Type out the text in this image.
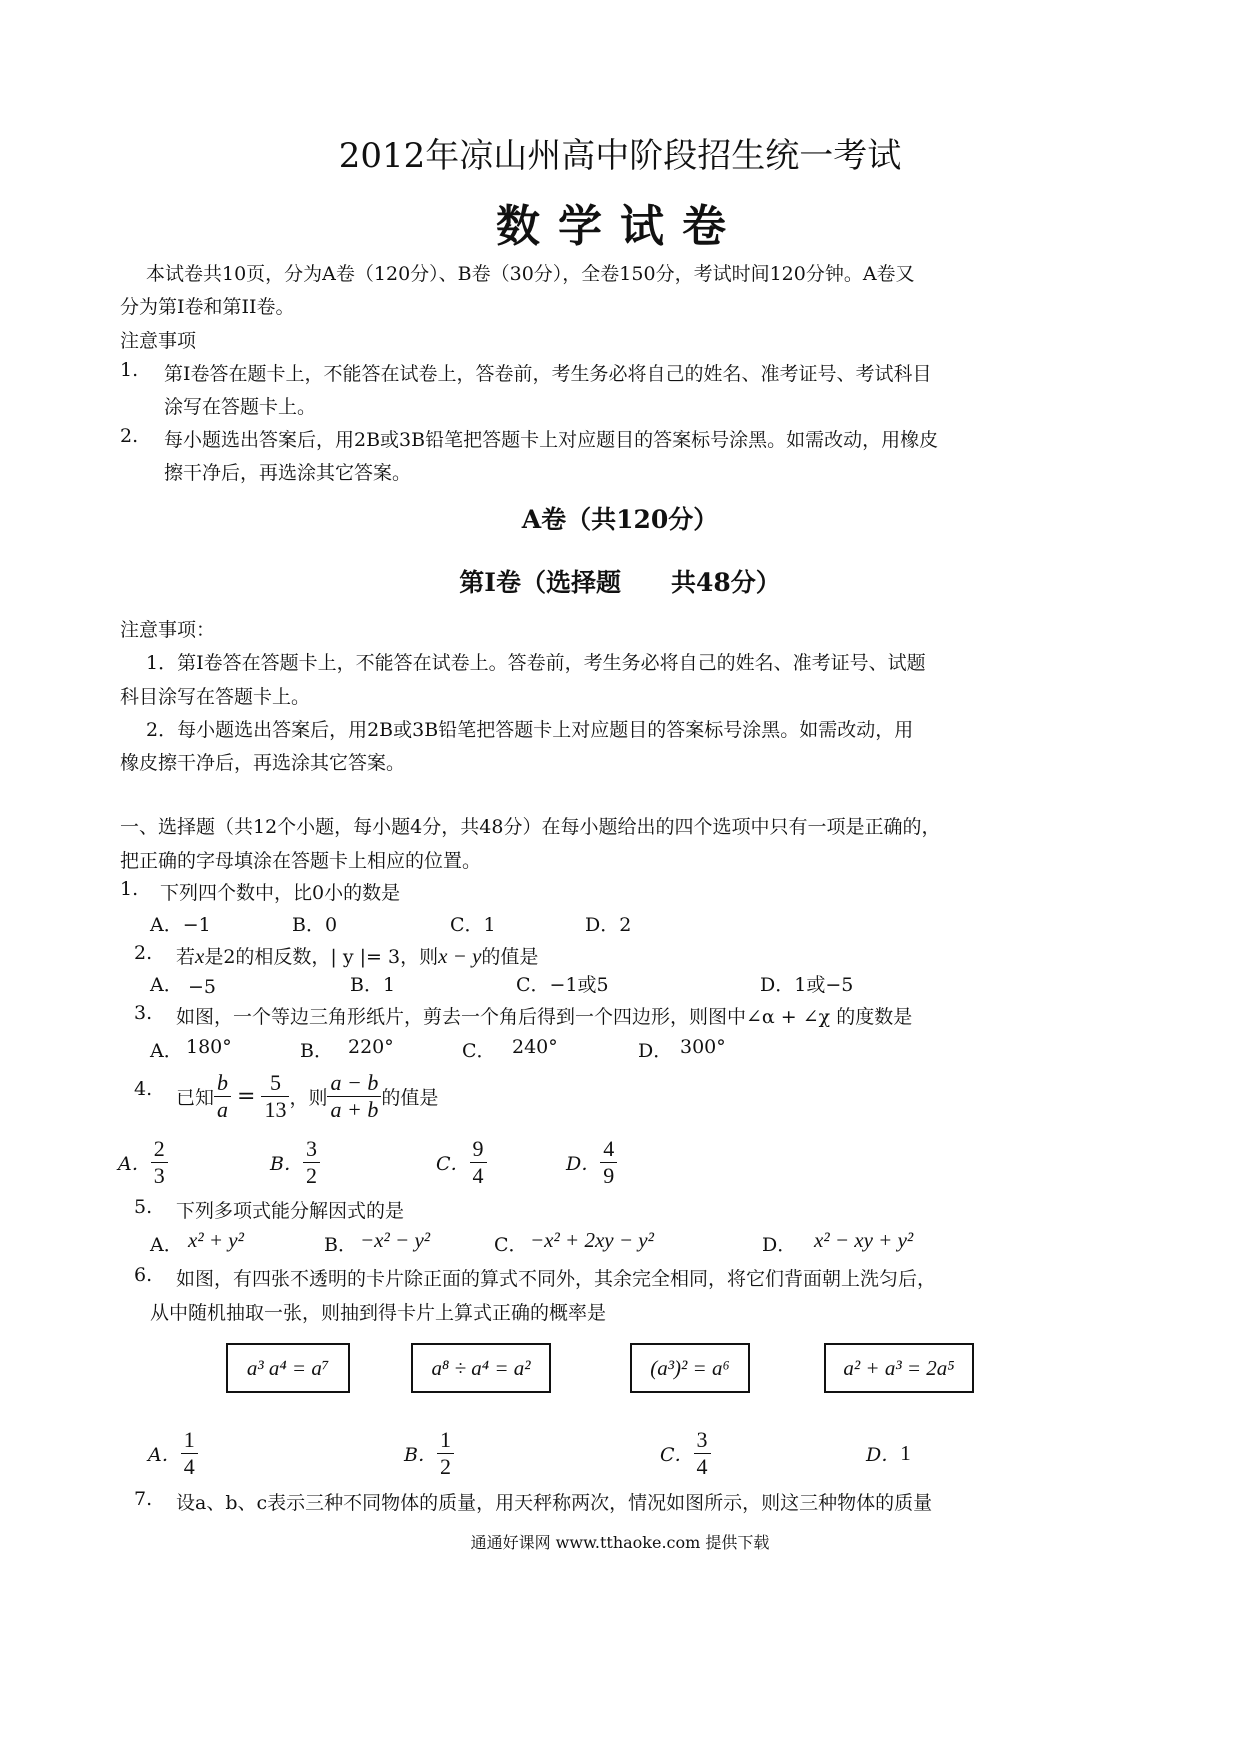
2012年凉山州高中阶段招生统一考试
数学试卷
本试卷共10页，分为A卷（120分）、B卷（30分），全卷150分，考试时间120分钟。A卷又
分为第Ⅰ卷和第II卷。
注意事项
1. 第Ⅰ卷答在题卡上，不能答在试卷上，答卷前，考生务必将自己的姓名、准考证号、考试科目
涂写在答题卡上。
2. 每小题选出答案后，用2B或3B铅笔把答题卡上对应题目的答案标号涂黑。如需改动，用橡皮
擦干净后，再选涂其它答案。
A卷（共120分）
第I卷（选择题　　共48分）
注意事项：
1．第Ⅰ卷答在答题卡上，不能答在试卷上。答卷前，考生务必将自己的姓名、准考证号、试题
科目涂写在答题卡上。
2．每小题选出答案后，用2B或3B铅笔把答题卡上对应题目的答案标号涂黑。如需改动，用
橡皮擦干净后，再选涂其它答案。
一、选择题（共12个小题，每小题4分，共48分）在每小题给出的四个选项中只有一项是正确的，
把正确的字母填涂在答题卡上相应的位置。
1. 下列四个数中，比0小的数是
A．−1	B．0	C．1	D．2
2. 若x是2的相反数，| y |= 3，则x − y的值是
A． −5	B．1	C．−1或5	D．1或−5
3. 如图，一个等边三角形纸片，剪去一个角后得到一个四边形，则图中∠α + ∠χ 的度数是
A． 180°	B． 220°	C． 240°	D． 300°
4. 已知 $\frac{b}{a} = \frac{5}{13}$ ，则 $\frac{a - b}{a + b}$ 的值是
A． $\frac{2}{3}$	B． $\frac{3}{2}$	C． $\frac{9}{4}$	D． $\frac{4}{9}$
5. 下列多项式能分解因式的是
A． x² + y²	B． −x² − y²	C． −x² + 2xy − y²	D． x² − xy + y²
6. 如图，有四张不透明的卡片除正面的算式不同外，其余完全相同，将它们背面朝上洗匀后，
从中随机抽取一张，则抽到得卡片上算式正确的概率是
a³ a⁴ = a⁷	a⁸ ÷ a⁴ = a²	(a³)² = a⁶	a² + a³ = 2a⁵
A． $\frac{1}{4}$	B． $\frac{1}{2}$	C． $\frac{3}{4}$	D． 1
7. 设a、b、c表示三种不同物体的质量，用天秤称两次，情况如图所示，则这三种物体的质量
通通好课网 www.tthaoke.com 提供下载
